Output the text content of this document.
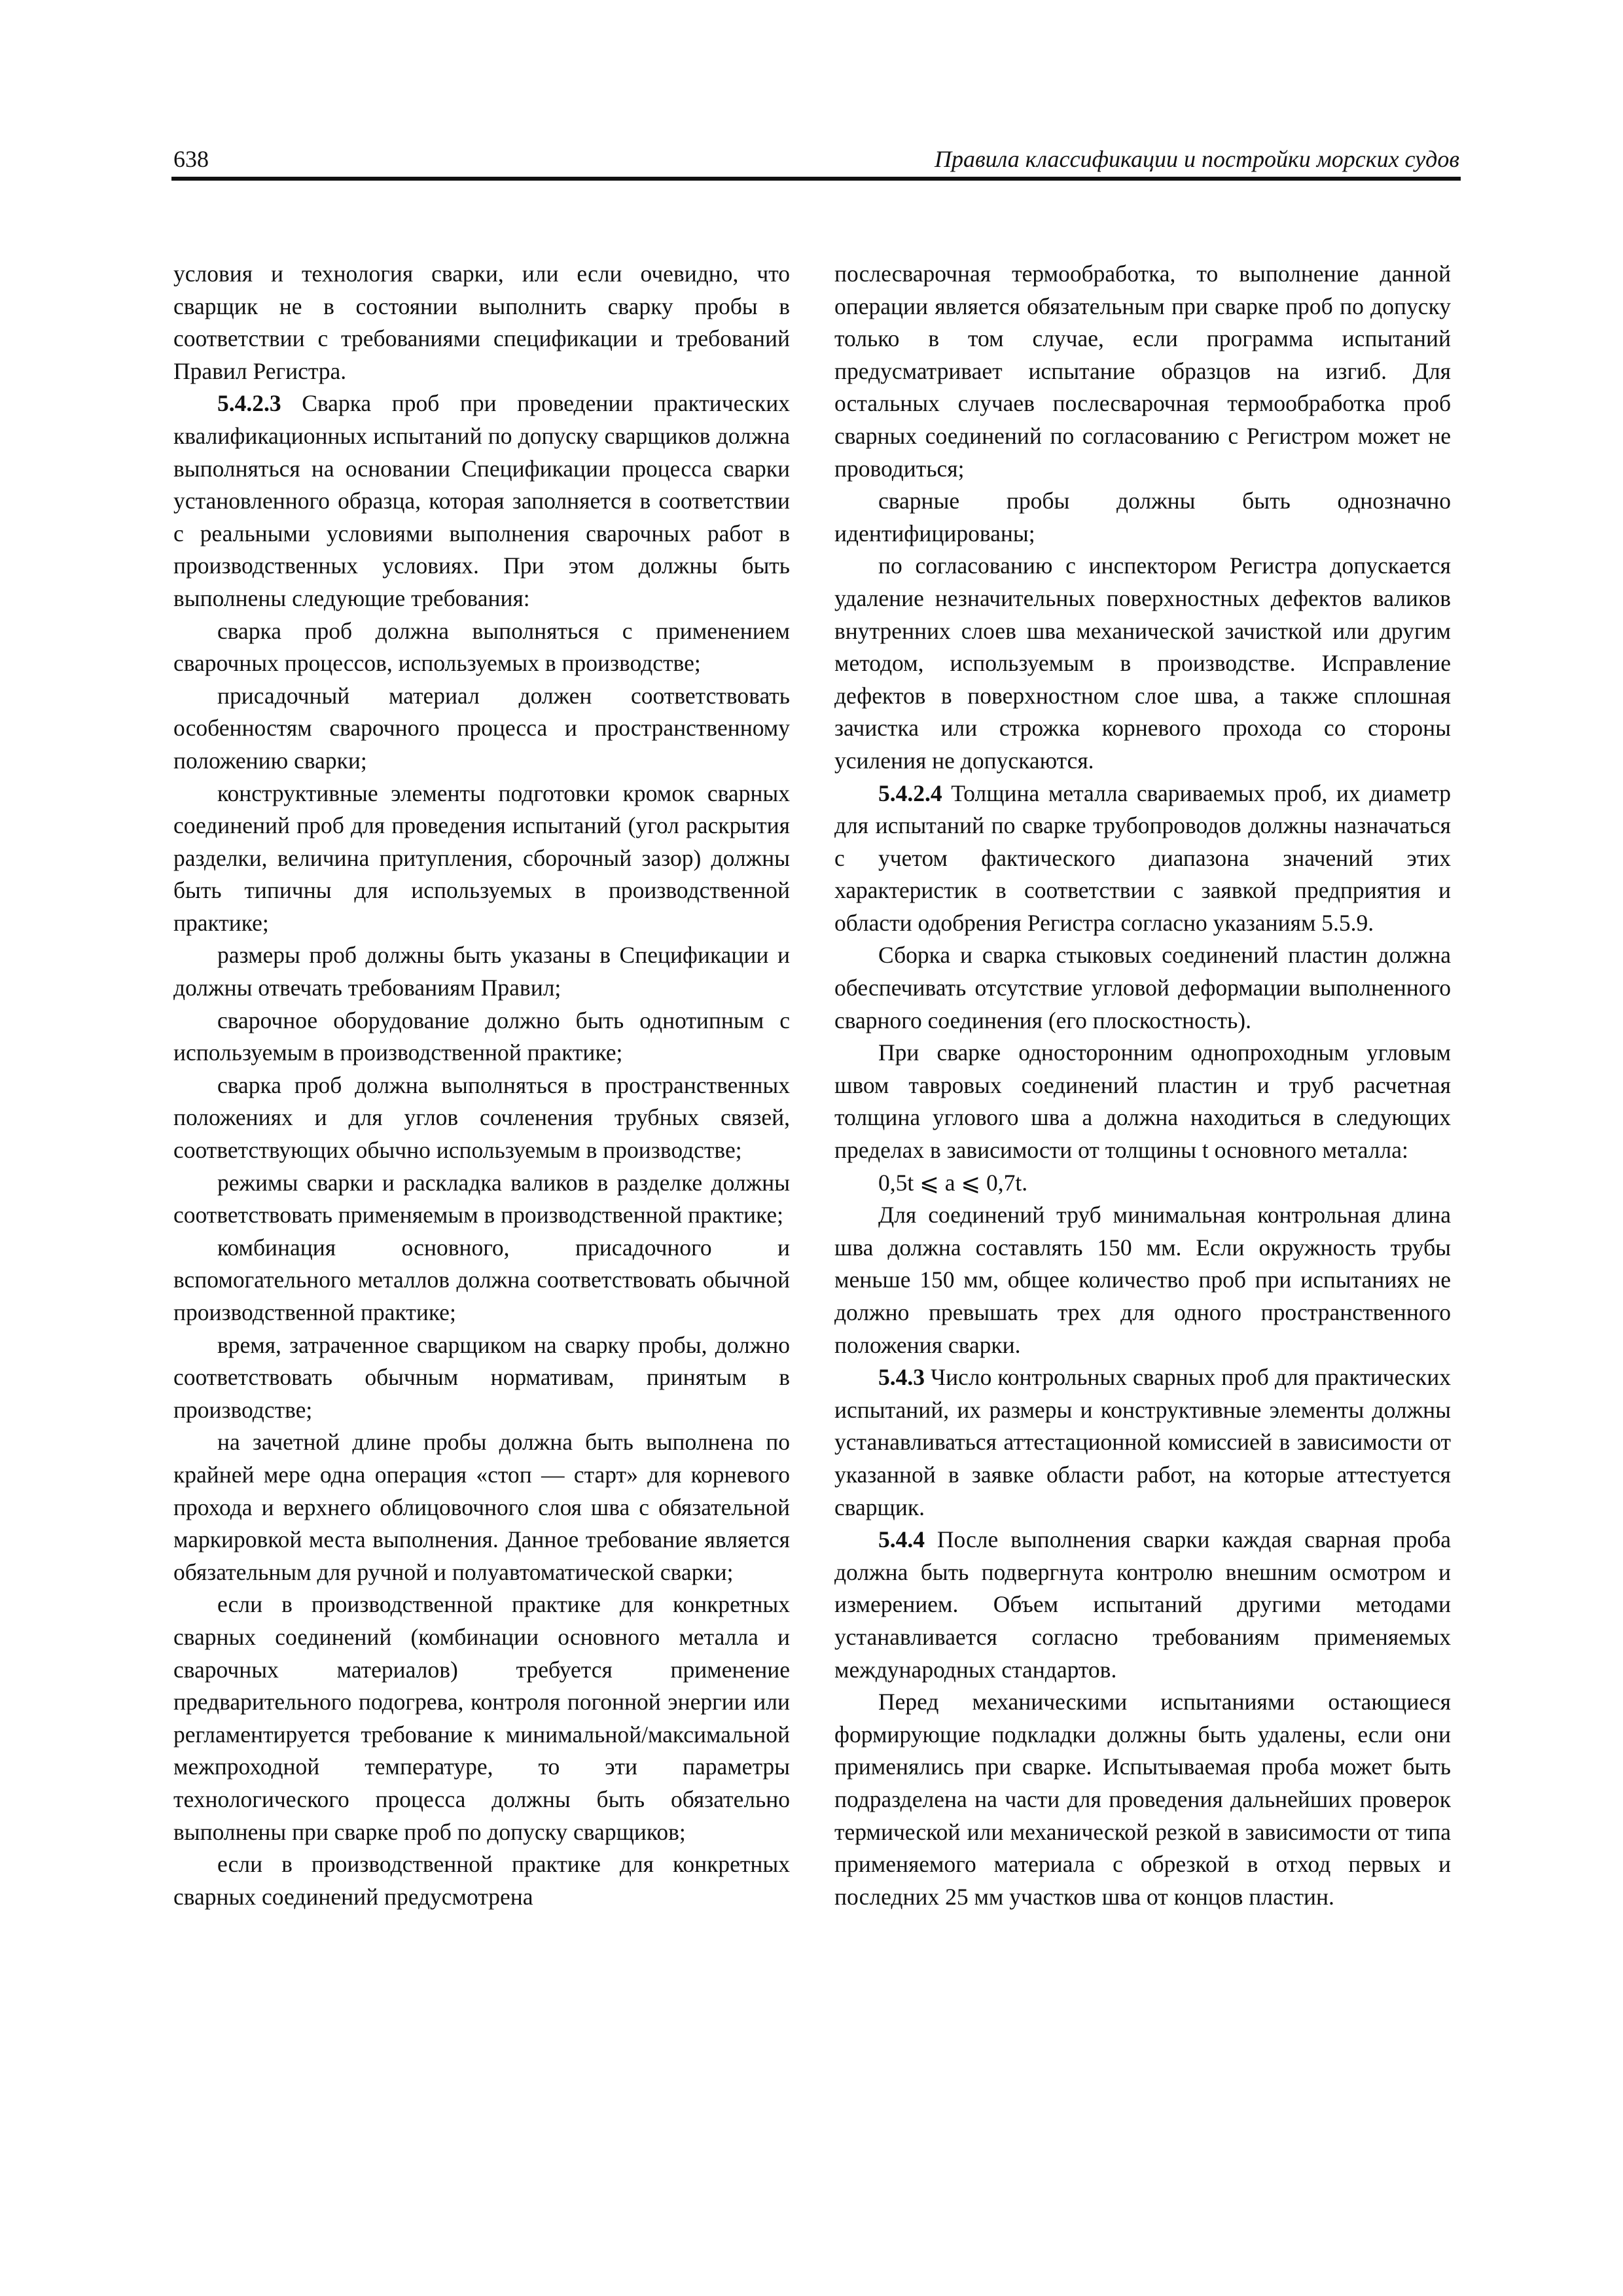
638	Правила классификации и постройки морских судов

условия и технология сварки, или если очевидно, что сварщик не в состоянии выполнить сварку пробы в соответствии с требованиями спецификации и требований Правил Регистра.

5.4.2.3 Сварка проб при проведении практических квалификационных испытаний по допуску сварщиков должна выполняться на основании Спецификации процесса сварки установленного образца, которая заполняется в соответствии с реальными условиями выполнения сварочных работ в производственных условиях. При этом должны быть выполнены следующие требования:

сварка проб должна выполняться с применением сварочных процессов, используемых в производстве;

присадочный материал должен соответствовать особенностям сварочного процесса и пространственному положению сварки;

конструктивные элементы подготовки кромок сварных соединений проб для проведения испытаний (угол раскрытия разделки, величина притупления, сборочный зазор) должны быть типичны для используемых в производственной практике;

размеры проб должны быть указаны в Спецификации и должны отвечать требованиям Правил;

сварочное оборудование должно быть однотипным с используемым в производственной практике;

сварка проб должна выполняться в пространственных положениях и для углов сочленения трубных связей, соответствующих обычно используемым в производстве;

режимы сварки и раскладка валиков в разделке должны соответствовать применяемым в производственной практике;

комбинация основного, присадочного и вспомогательного металлов должна соответствовать обычной производственной практике;

время, затраченное сварщиком на сварку пробы, должно соответствовать обычным нормативам, принятым в производстве;

на зачетной длине пробы должна быть выполнена по крайней мере одна операция «стоп — старт» для корневого прохода и верхнего облицовочного слоя шва с обязательной маркировкой места выполнения. Данное требование является обязательным для ручной и полуавтоматической сварки;

если в производственной практике для конкретных сварных соединений (комбинации основного металла и сварочных материалов) требуется применение предварительного подогрева, контроля погонной энергии или регламентируется требование к минимальной/максимальной межпроходной температуре, то эти параметры технологического процесса должны быть обязательно выполнены при сварке проб по допуску сварщиков;

если в производственной практике для конкретных сварных соединений предусмотрена

послесварочная термообработка, то выполнение данной операции является обязательным при сварке проб по допуску только в том случае, если программа испытаний предусматривает испытание образцов на изгиб. Для остальных случаев послесварочная термообработка проб сварных соединений по согласованию с Регистром может не проводиться;

сварные пробы должны быть однозначно идентифицированы;

по согласованию с инспектором Регистра допускается удаление незначительных поверхностных дефектов валиков внутренних слоев шва механической зачисткой или другим методом, используемым в производстве. Исправление дефектов в поверхностном слое шва, а также сплошная зачистка или строжка корневого прохода со стороны усиления не допускаются.

5.4.2.4 Толщина металла свариваемых проб, их диаметр для испытаний по сварке трубопроводов должны назначаться с учетом фактического диапазона значений этих характеристик в соответствии с заявкой предприятия и области одобрения Регистра согласно указаниям 5.5.9.

Сборка и сварка стыковых соединений пластин должна обеспечивать отсутствие угловой деформации выполненного сварного соединения (его плоскостность).

При сварке односторонним однопроходным угловым швом тавровых соединений пластин и труб расчетная толщина углового шва a должна находиться в следующих пределах в зависимости от толщины t основного металла:

0,5t ⩽ a ⩽ 0,7t.

Для соединений труб минимальная контрольная длина шва должна составлять 150 мм. Если окружность трубы меньше 150 мм, общее количество проб при испытаниях не должно превышать трех для одного пространственного положения сварки.

5.4.3 Число контрольных сварных проб для практических испытаний, их размеры и конструктивные элементы должны устанавливаться аттестационной комиссией в зависимости от указанной в заявке области работ, на которые аттестуется сварщик.

5.4.4 После выполнения сварки каждая сварная проба должна быть подвергнута контролю внешним осмотром и измерением. Объем испытаний другими методами устанавливается согласно требованиям применяемых международных стандартов.

Перед механическими испытаниями остающиеся формирующие подкладки должны быть удалены, если они применялись при сварке. Испытываемая проба может быть подразделена на части для проведения дальнейших проверок термической или механической резкой в зависимости от типа применяемого материала с обрезкой в отход первых и последних 25 мм участков шва от концов пластин.
